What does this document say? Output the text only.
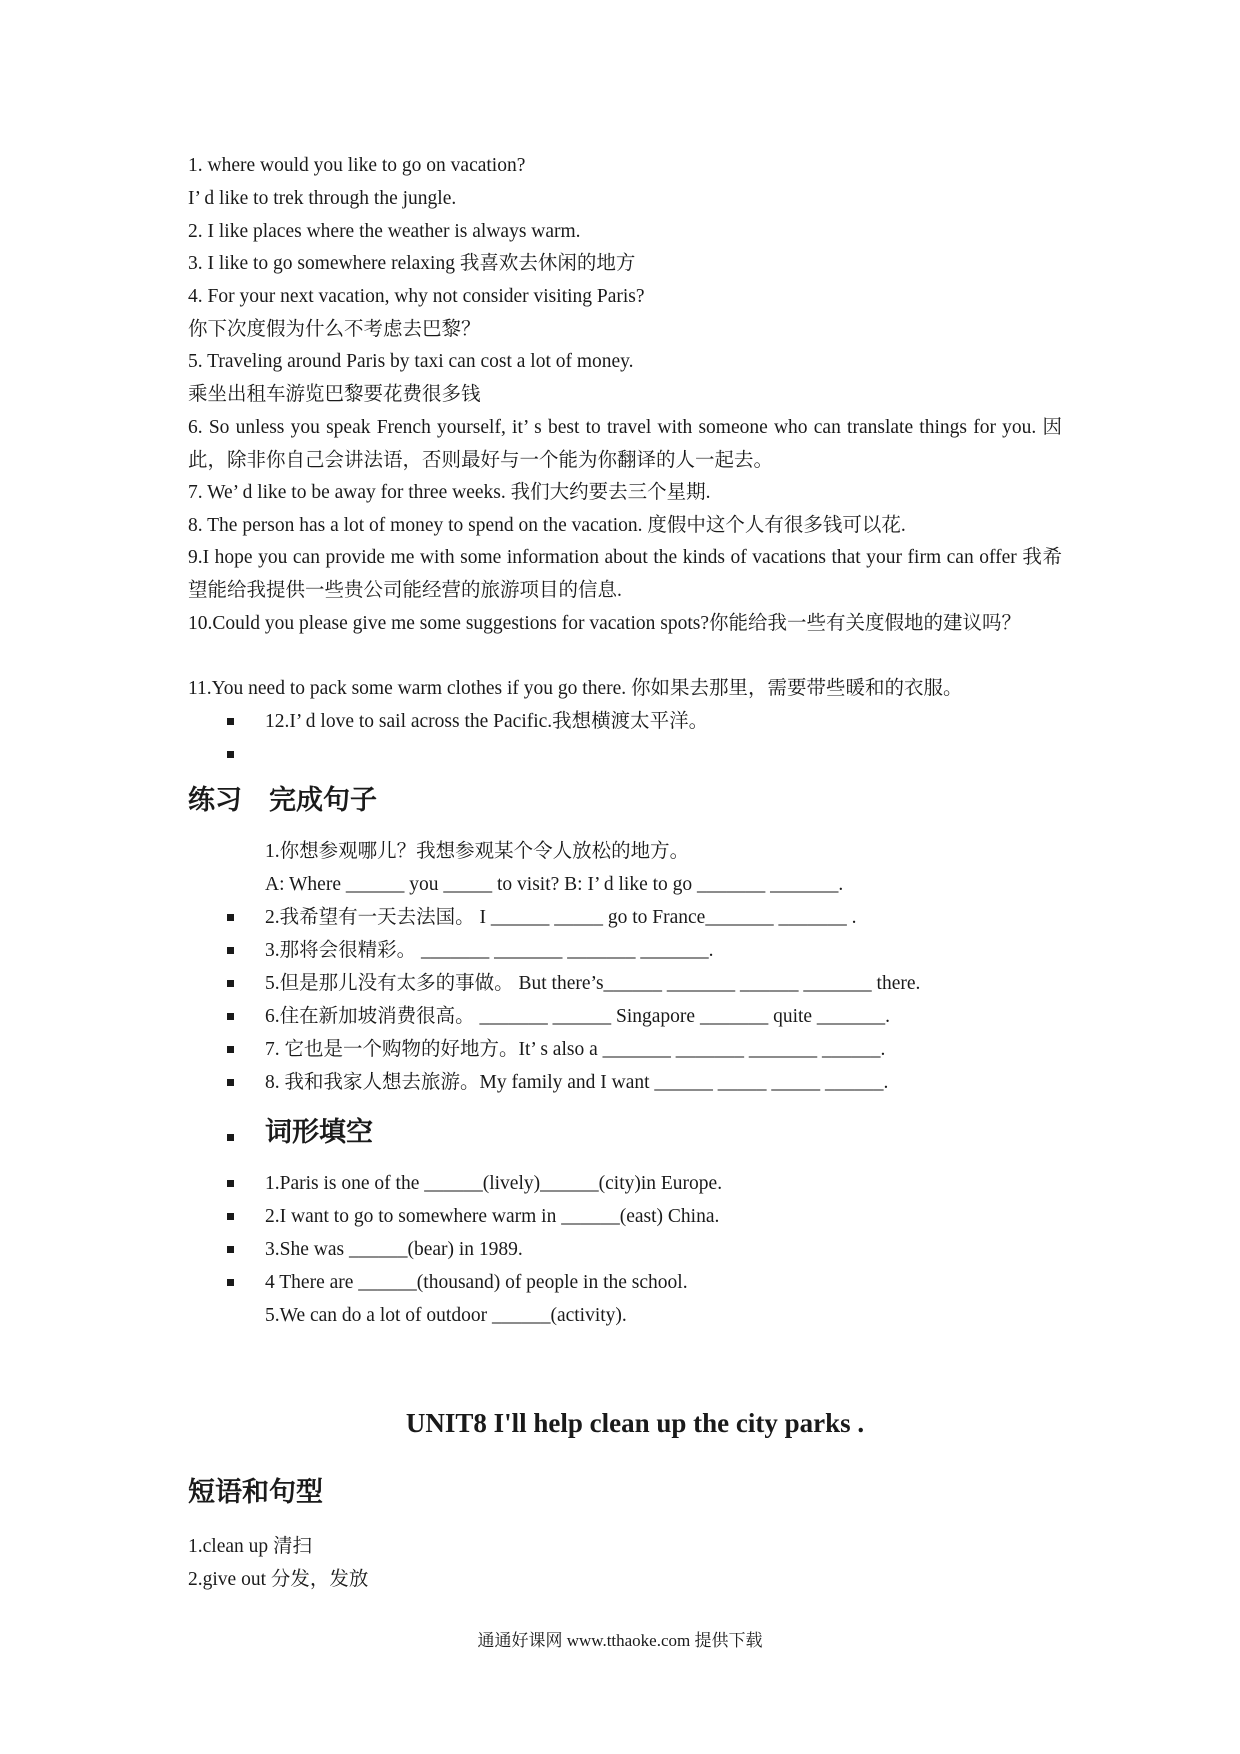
1. where would you like to go on vacation?
I’ d like to trek through the jungle.
2. I like places where the weather is always warm.
3. I like to go somewhere relaxing 我喜欢去休闲的地方
4. For your next vacation, why not consider visiting Paris?
你下次度假为什么不考虑去巴黎？
5. Traveling around Paris by taxi can cost a lot of money.
乘坐出租车游览巴黎要花费很多钱
6. So unless you speak French yourself, it’ s best to travel with someone who can translate things for you. 因此，除非你自己会讲法语，否则最好与一个能为你翻译的人一起去。
7. We’ d like to be away for three weeks. 我们大约要去三个星期.
8. The person has a lot of money to spend on the vacation. 度假中这个人有很多钱可以花.
9.I hope you can provide me with some information about the kinds of vacations that your firm can offer 我希望能给我提供一些贵公司能经营的旅游项目的信息.
10.Could you please give me some suggestions for vacation spots?你能给我一些有关度假地的建议吗？
11.You need to pack some warm clothes if you go there. 你如果去那里，需要带些暖和的衣服。
12.I’ d love to sail across the Pacific.我想横渡太平洋。
练习　完成句子
1.你想参观哪儿？我想参观某个令人放松的地方。
A: Where ______ you _____ to visit? B: I’ d like to go _______ _______.
2.我希望有一天去法国。 I ______ _____ go to France_______ _______ .
3.那将会很精彩。 _______ _______ _______ _______.
5.但是那儿没有太多的事做。 But there’s______ _______ ______ _______ there.
6.住在新加坡消费很高。 _______ ______ Singapore _______ quite _______.
7. 它也是一个购物的好地方。It’ s also a _______ _______ _______ ______.
8. 我和我家人想去旅游。My family and I want ______ _____ _____ ______.
词形填空
1.Paris is one of the ______(lively)______(city)in Europe.
2.I want to go to somewhere warm in ______(east) China.
3.She was ______(bear) in 1989.
4 There are ______(thousand) of people in the school.
5.We can do a lot of outdoor ______(activity).
UNIT8 I'll help clean up the city parks .
短语和句型
1.clean up 清扫
2.give out 分发，发放
通通好课网 www.tthaoke.com 提供下载
